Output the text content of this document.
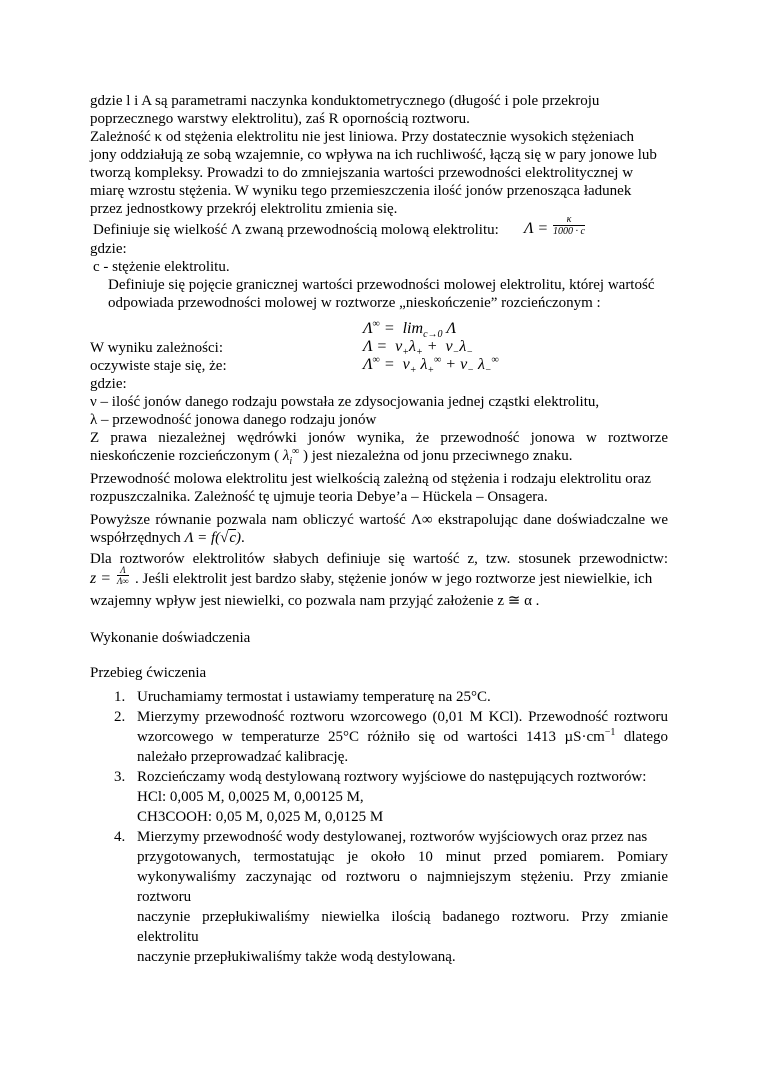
gdzie l i A są parametrami naczynka konduktometrycznego (długość i pole przekroju
poprzecznego warstwy elektrolitu), zaś R opornością roztworu.
Zależność κ od stężenia elektrolitu nie jest liniowa. Przy dostatecznie wysokich stężeniach
jony oddziałują ze sobą wzajemnie, co wpływa na ich ruchliwość, łączą się w pary jonowe lub
tworzą kompleksy. Prowadzi to do zmniejszania wartości przewodności elektrolitycznej w
miarę wzrostu stężenia. W wyniku tego przemieszczenia ilość jonów przenosząca ładunek
przez jednostkowy przekrój elektrolitu zmienia się.
Definiuje się wielkość Λ zwaną przewodnością molową elektrolitu: Λ =
κ
1000 · c
gdzie:
c - stężenie elektrolitu.
Definiuje się pojęcie granicznej wartości przewodności molowej elektrolitu, której wartość
odpowiada przewodności molowej w roztworze „nieskończenie” rozcieńczonym :
$\Lambda^\infty = \lim_{c\to 0} \Lambda$
W wyniku zależności:	$\Lambda = \nu_+\lambda_+ + \nu_-\lambda_-$
oczywiste staje się, że:	$\Lambda^\infty = \nu_+$ $\lambda_+^\infty + \nu_-$ $\lambda_-^\infty$
gdzie:
ν – ilość jonów danego rodzaju powstała ze zdysocjowania jednej cząstki elektrolitu,
λ – przewodność jonowa danego rodzaju jonów
Z prawa niezależnej wędrówki jonów wynika, że przewodność jonowa w roztworze
nieskończenie rozcieńczonym ( $\lambda_i^\infty$ ) jest niezależna od jonu przeciwnego znaku.
Przewodność molowa elektrolitu jest wielkością zależną od stężenia i rodzaju elektrolitu oraz
rozpuszczalnika. Zależność tę ujmuje teoria Debye’a – Hückela – Onsagera.
Powyższe równanie pozwala nam obliczyć wartość Λ∞ ekstrapolując dane doświadczalne we
współrzędnych Λ = f(√c).
Dla roztworów elektrolitów słabych definiuje się wartość z, tzw. stosunek przewodnictw:
z = Λ
Λ∞ . Jeśli elektrolit jest bardzo słaby, stężenie jonów w jego roztworze jest niewielkie, ich
wzajemny wpływ jest niewielki, co pozwala nam przyjąć założenie z ≅ α .
Wykonanie doświadczenia
Przebieg ćwiczenia
1. Uruchamiamy termostat i ustawiamy temperaturę na 25°C.
2. Mierzymy przewodność roztworu wzorcowego (0,01 M KCl). Przewodność roztworu
wzorcowego w temperaturze 25°C różniło się od wartości 1413 $\mu S\cdot cm^{-1}$ dlatego
należało przeprowadzać kalibrację.
3. Rozcieńczamy wodą destylowaną roztwory wyjściowe do następujących roztworów:
HCl: 0,005 M, 0,0025 M, 0,00125 M,
CH3COOH: 0,05 M, 0,025 M, 0,0125 M
4. Mierzymy przewodność wody destylowanej, roztworów wyjściowych oraz przez nas
przygotowanych, termostatując je około 10 minut przed pomiarem. Pomiary
wykonywaliśmy zaczynając od roztworu o najmniejszym stężeniu. Przy zmianie
roztworu
naczynie przepłukiwaliśmy niewielka ilością badanego roztworu. Przy zmianie
elektrolitu
naczynie przepłukiwaliśmy także wodą destylowaną.
